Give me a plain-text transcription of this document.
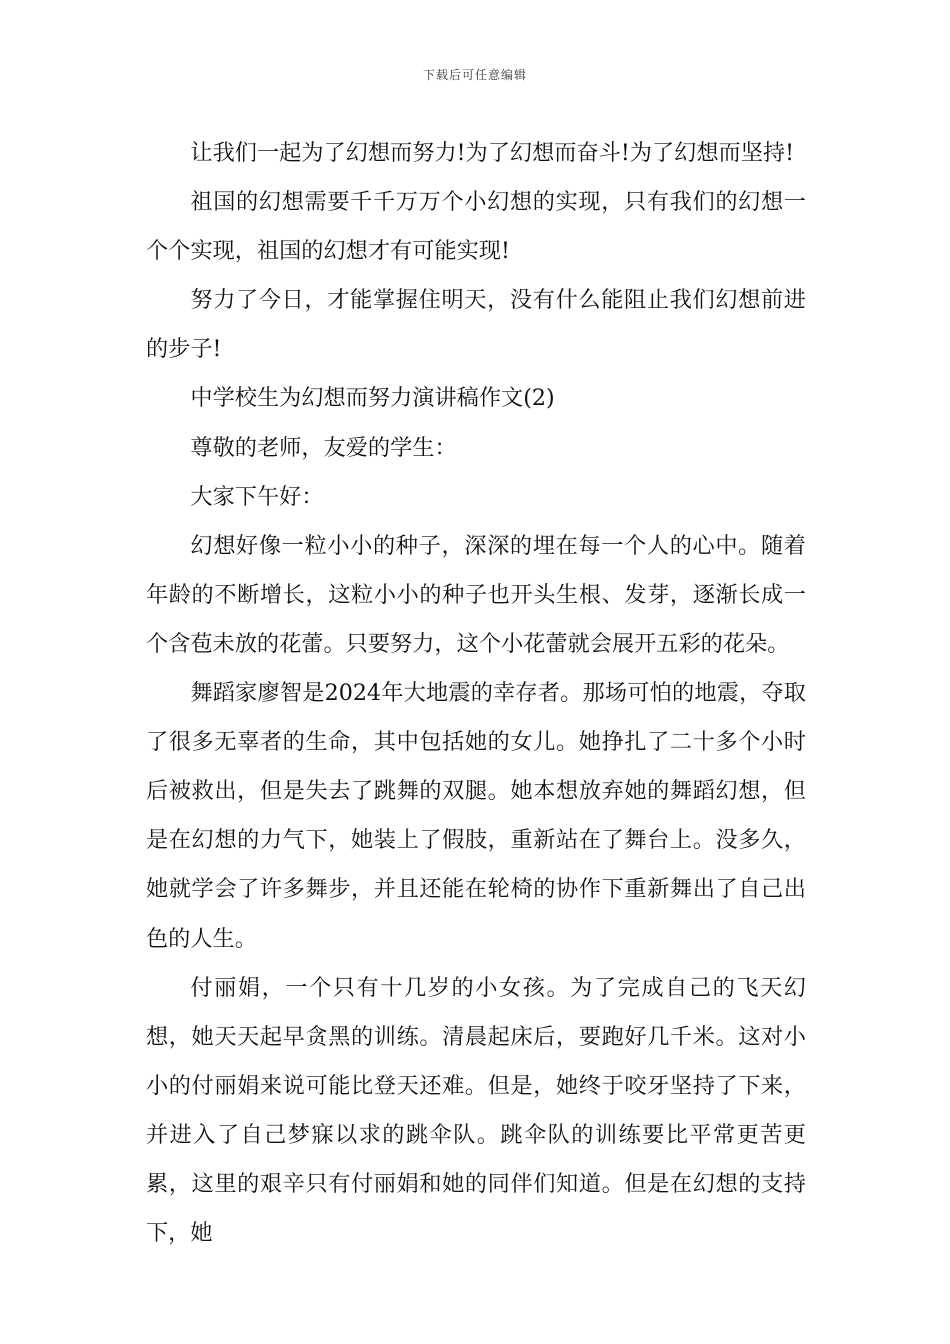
下载后可任意编辑

让我们一起为了幻想而努力!为了幻想而奋斗!为了幻想而坚持!

祖国的幻想需要千千万万个小幻想的实现，只有我们的幻想一个个实现，祖国的幻想才有可能实现!

努力了今日，才能掌握住明天，没有什么能阻止我们幻想前进的步子!

中学校生为幻想而努力演讲稿作文(2)

尊敬的老师，友爱的学生：

大家下午好：

幻想好像一粒小小的种子，深深的埋在每一个人的心中。随着年龄的不断增长，这粒小小的种子也开头生根、发芽，逐渐长成一个含苞未放的花蕾。只要努力，这个小花蕾就会展开五彩的花朵。

舞蹈家廖智是2024年大地震的幸存者。那场可怕的地震，夺取了很多无辜者的生命，其中包括她的女儿。她挣扎了二十多个小时后被救出，但是失去了跳舞的双腿。她本想放弃她的舞蹈幻想，但是在幻想的力气下，她装上了假肢，重新站在了舞台上。没多久，她就学会了许多舞步，并且还能在轮椅的协作下重新舞出了自己出色的人生。

付丽娟，一个只有十几岁的小女孩。为了完成自己的飞天幻想，她天天起早贪黑的训练。清晨起床后，要跑好几千米。这对小小的付丽娟来说可能比登天还难。但是，她终于咬牙坚持了下来，并进入了自己梦寐以求的跳伞队。跳伞队的训练要比平常更苦更累，这里的艰辛只有付丽娟和她的同伴们知道。但是在幻想的支持下，她
